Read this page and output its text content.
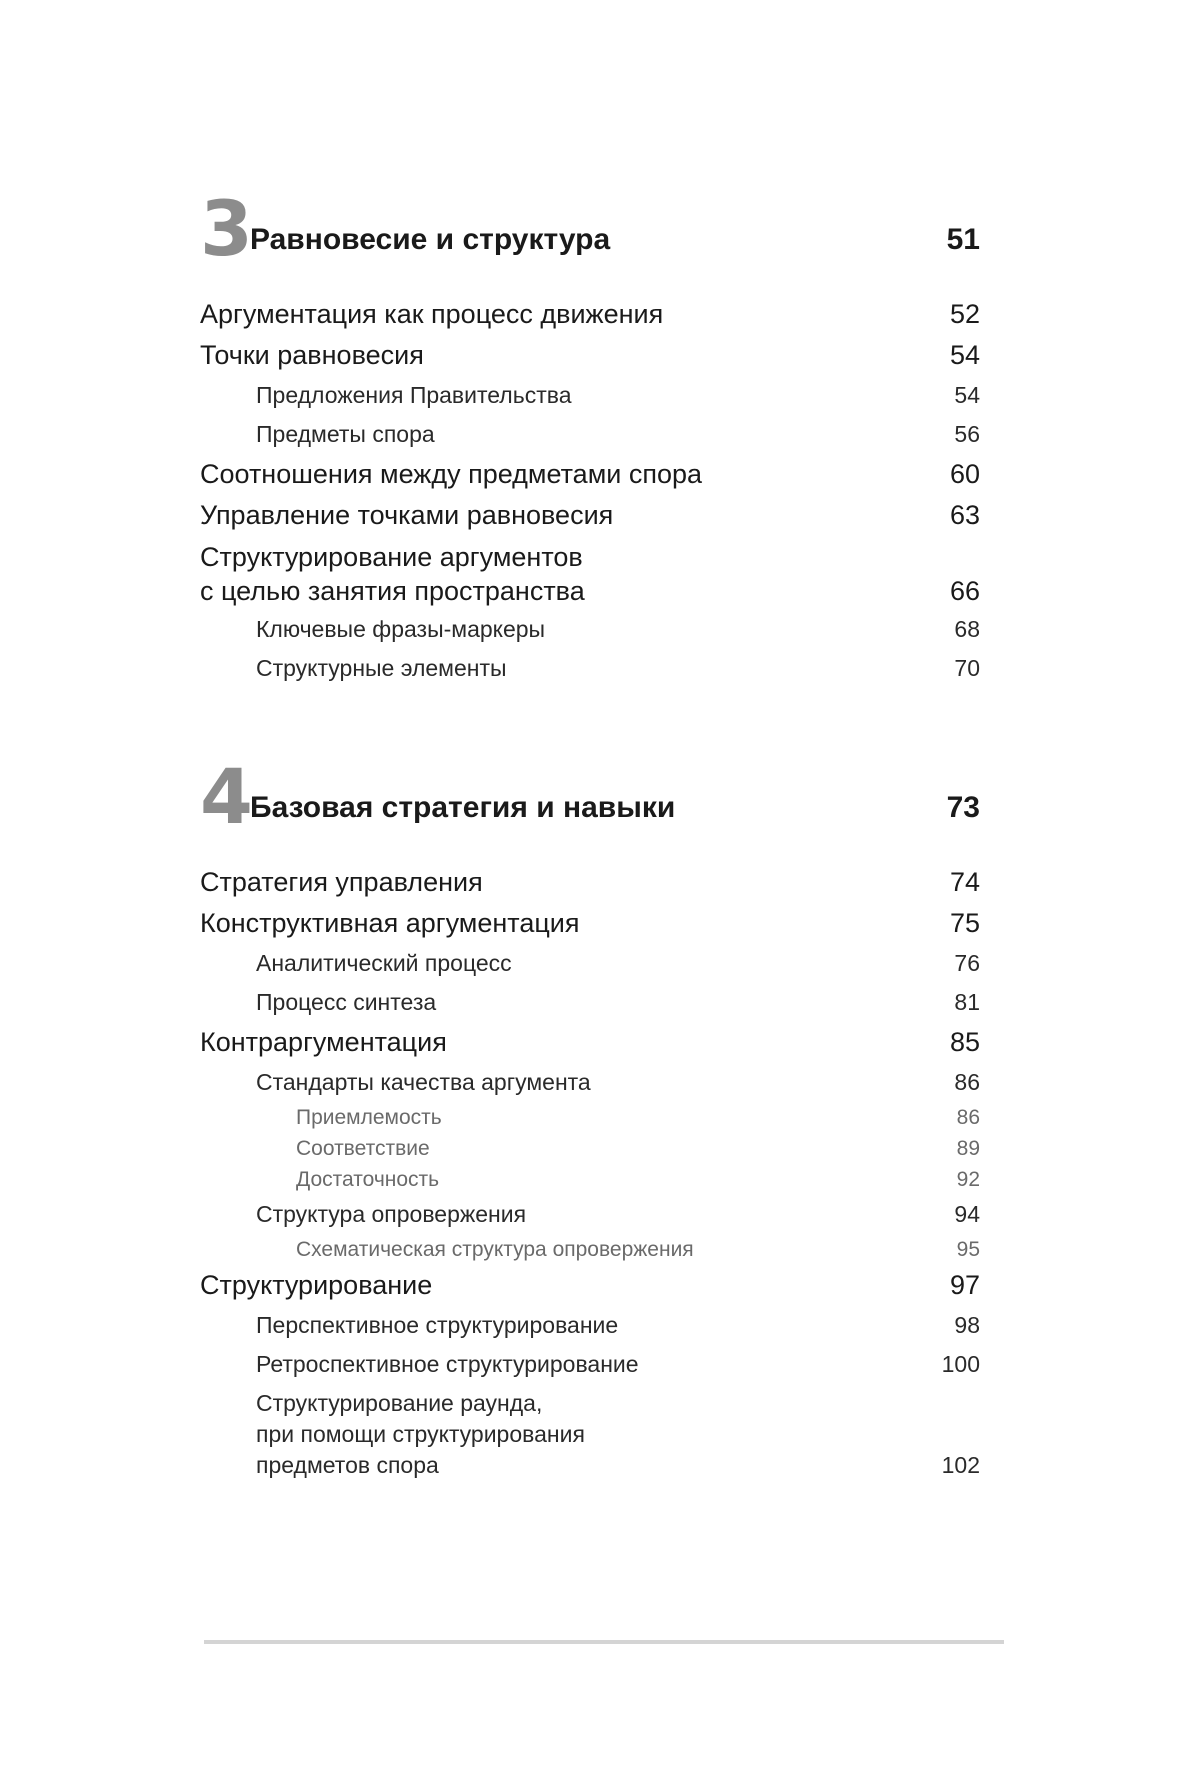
3 Равновесие и структура	51
Аргументация как процесс движения	52
Точки равновесия	54
Предложения Правительства	54
Предметы спора	56
Соотношения между предметами спора	60
Управление точками равновесия	63
Структурирование аргументов
с целью занятия пространства	66
Ключевые фразы-маркеры	68
Структурные элементы	70
4 Базовая стратегия и навыки	73
Стратегия управления	74
Конструктивная аргументация	75
Аналитический процесс	76
Процесс синтеза	81
Контраргументация	85
Стандарты качества аргумента	86
Приемлемость	86
Соответствие	89
Достаточность	92
Структура опровержения	94
Схематическая структура опровержения	95
Структурирование	97
Перспективное структурирование	98
Ретроспективное структурирование	100
Структурирование раунда,
при помощи структурирования
предметов спора	102
